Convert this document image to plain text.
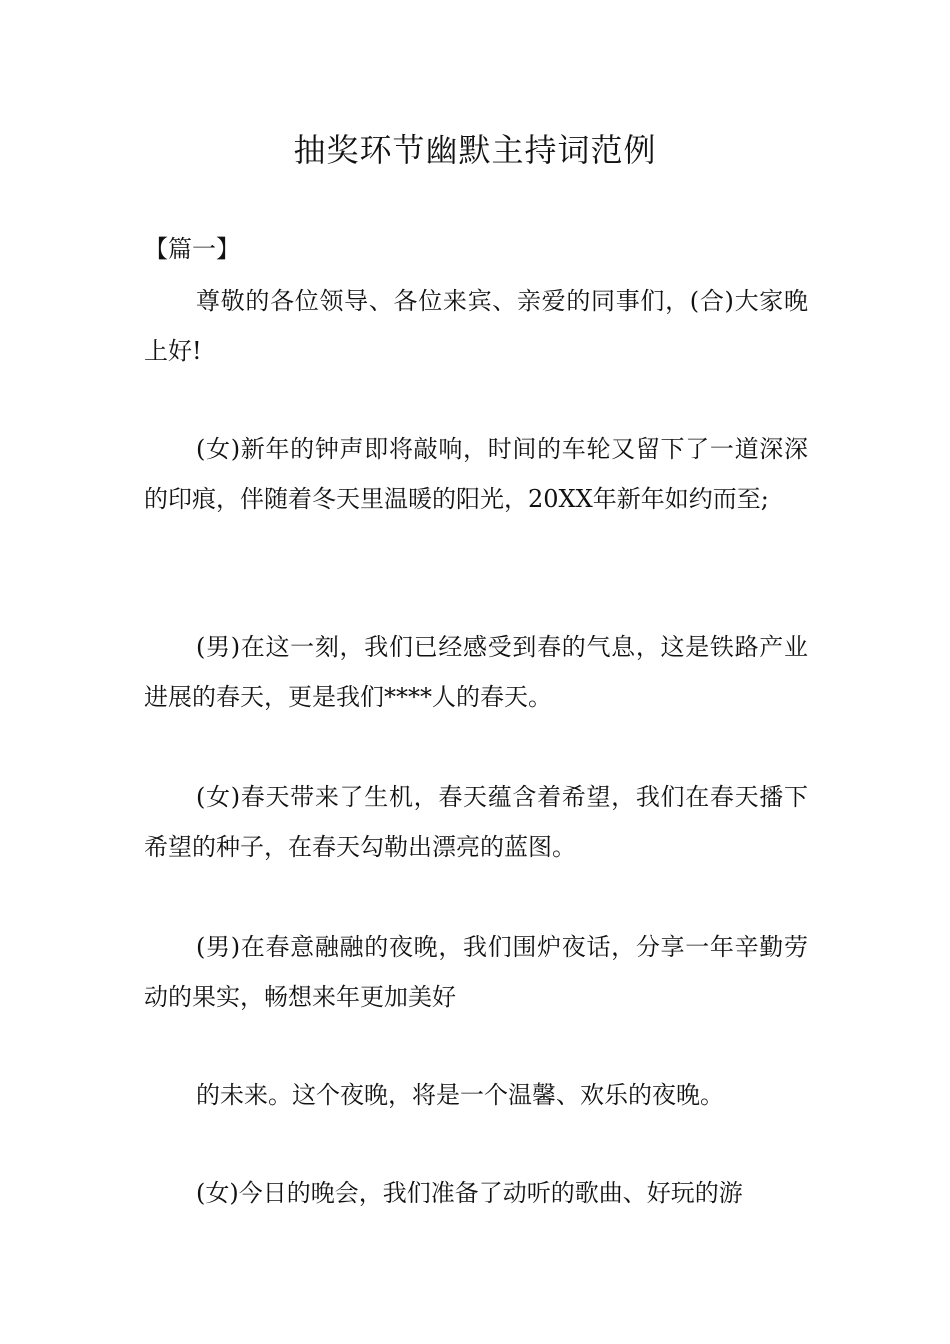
抽奖环节幽默主持词范例

【篇一】

尊敬的各位领导、各位来宾、亲爱的同事们，(合)大家晚上好!

(女)新年的钟声即将敲响，时间的车轮又留下了一道深深的印痕，伴随着冬天里温暖的阳光，20XX年新年如约而至;

(男)在这一刻，我们已经感受到春的气息，这是铁路产业进展的春天，更是我们****人的春天。

(女)春天带来了生机，春天蕴含着希望，我们在春天播下希望的种子，在春天勾勒出漂亮的蓝图。

(男)在春意融融的夜晚，我们围炉夜话，分享一年辛勤劳动的果实，畅想来年更加美好

的未来。这个夜晚，将是一个温馨、欢乐的夜晚。

(女)今日的晚会，我们准备了动听的歌曲、好玩的游
